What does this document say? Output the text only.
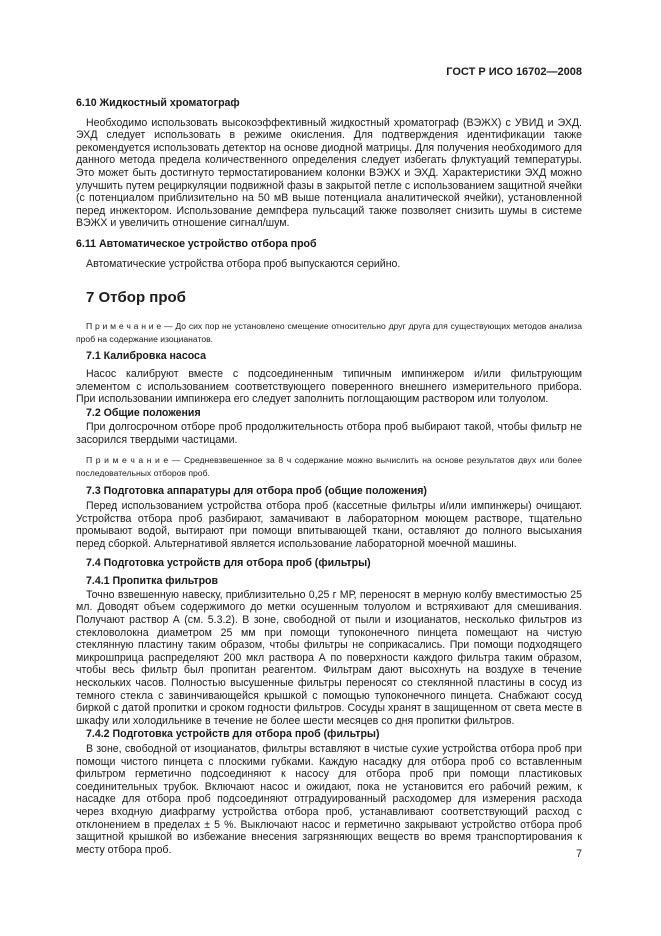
ГОСТ Р ИСО 16702—2008
6.10 Жидкостный хроматограф

Необходимо использовать высокоэффективный жидкостный хроматограф (ВЭЖХ) с УВИД и ЭХД. ЭХД следует использовать в режиме окисления. Для подтверждения идентификации также рекомендуется использовать детектор на основе диодной матрицы. Для получения необходимого для данного метода предела количественного определения следует избегать флуктуаций температуры. Это может быть достигнуто термостатированием колонки ВЭЖХ и ЭХД. Характеристики ЭХД можно улучшить путем рециркуляции подвижной фазы в закрытой петле с использованием защитной ячейки (с потенциалом приблизительно на 50 мВ выше потенциала аналитической ячейки), установленной перед инжектором. Использование демпфера пульсаций также позволяет снизить шумы в системе ВЭЖХ и увеличить отношение сигнал/шум.

6.11 Автоматическое устройство отбора проб

Автоматические устройства отбора проб выпускаются серийно.

7 Отбор проб

П р и м е ч а н и е — До сих пор не установлено смещение относительно друг друга для существующих методов анализа проб на содержание изоцианатов.

7.1 Калибровка насоса

Насос калибруют вместе с подсоединенным типичным импинжером и/или фильтрующим элементом с использованием соответствующего поверенного внешнего измерительного прибора. При использовании импинжера его следует заполнить поглощающим раствором или толуолом.

7.2 Общие положения

При долгосрочном отборе проб продолжительность отбора проб выбирают такой, чтобы фильтр не засорился твердыми частицами.

П р и м е ч а н и е — Средневзвешенное за 8 ч содержание можно вычислить на основе результатов двух или более последовательных отборов проб.

7.3 Подготовка аппаратуры для отбора проб (общие положения)

Перед использованием устройства отбора проб (кассетные фильтры и/или импинжеры) очищают. Устройства отбора проб разбирают, замачивают в лабораторном моющем растворе, тщательно промывают водой, вытирают при помощи впитывающей ткани, оставляют до полного высыхания перед сборкой. Альтернативой является использование лабораторной моечной машины.

7.4 Подготовка устройств для отбора проб (фильтры)
7.4.1 Пропитка фильтров

Точно взвешенную навеску, приблизительно 0,25 г МР, переносят в мерную колбу вместимостью 25 мл. Доводят объем содержимого до метки осушенным толуолом и встряхивают для смешивания. Получают раствор А (см. 5.3.2). В зоне, свободной от пыли и изоцианатов, несколько фильтров из стекловолокна диаметром 25 мм при помощи тупоконечного пинцета помещают на чистую стеклянную пластину таким образом, чтобы фильтры не соприкасались. При помощи подходящего микрошприца распределяют 200 мкл раствора А по поверхности каждого фильтра таким образом, чтобы весь фильтр был пропитан реагентом. Фильтрам дают высохнуть на воздухе в течение нескольких часов. Полностью высушенные фильтры переносят со стеклянной пластины в сосуд из темного стекла с завинчивающейся крышкой с помощью тупоконечного пинцета. Снабжают сосуд биркой с датой пропитки и сроком годности фильтров. Сосуды хранят в защищенном от света месте в шкафу или холодильнике в течение не более шести месяцев со дня пропитки фильтров.

7.4.2 Подготовка устройств для отбора проб (фильтры)

В зоне, свободной от изоцианатов, фильтры вставляют в чистые сухие устройства отбора проб при помощи чистого пинцета с плоскими губками. Каждую насадку для отбора проб со вставленным фильтром герметично подсоединяют к насосу для отбора проб при помощи пластиковых соединительных трубок. Включают насос и ожидают, пока не установится его рабочий режим, к насадке для отбора проб подсоединяют отградуированный расходомер для измерения расхода через входную диафрагму устройства отбора проб, устанавливают соответствующий расход с отклонением в пределах ± 5 %. Выключают насос и герметично закрывают устройство отбора проб защитной крышкой во избежание внесения загрязняющих веществ во время транспортирования к месту отбора проб.	7
